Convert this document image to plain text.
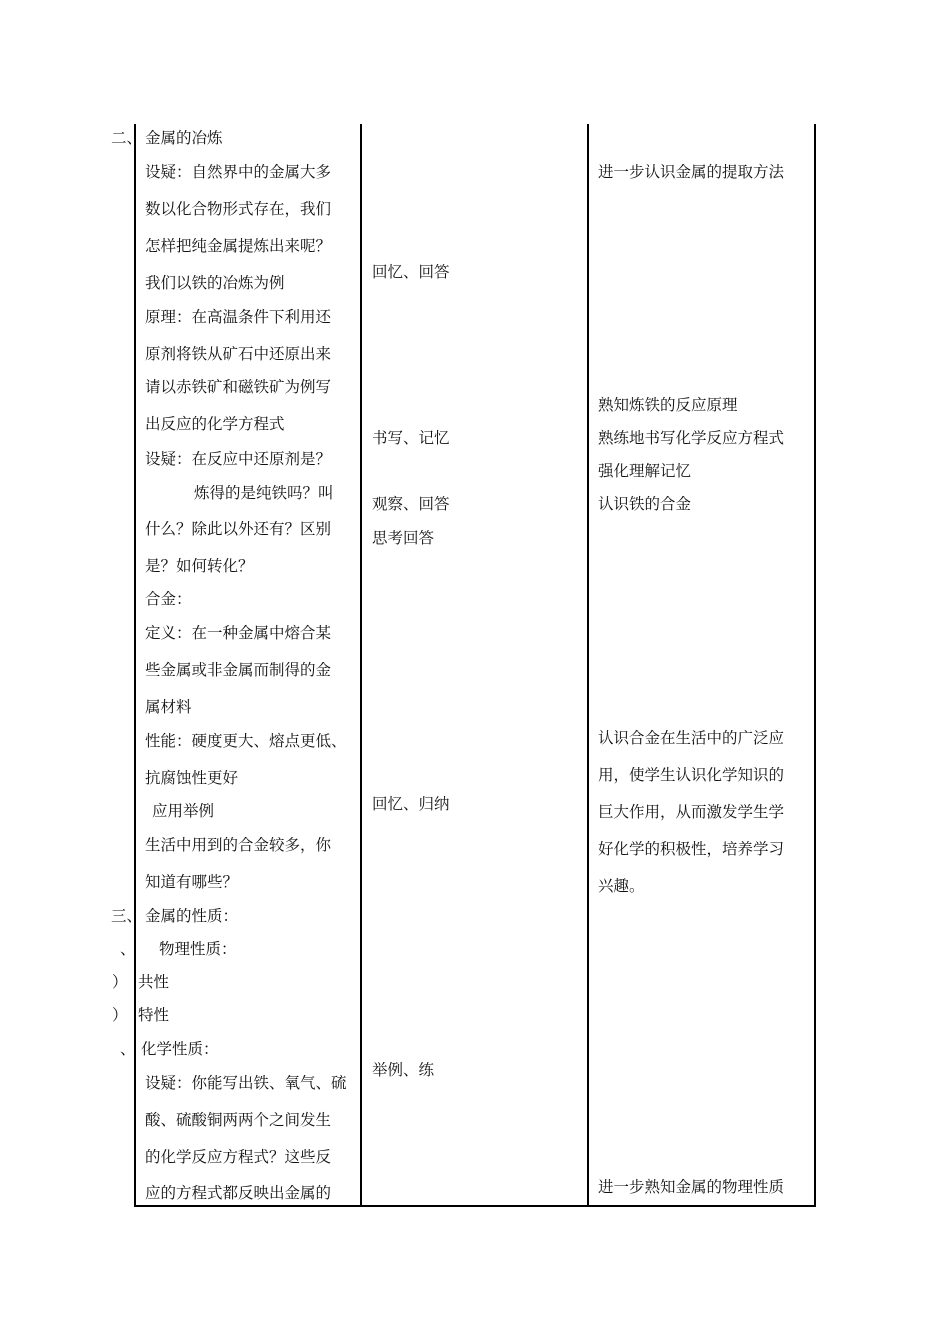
二、 金属的冶炼
设疑：自然界中的金属大多
数以化合物形式存在，我们
怎样把纯金属提炼出来呢？
我们以铁的冶炼为例
原理：在高温条件下利用还
原剂将铁从矿石中还原出来
请以赤铁矿和磁铁矿为例写
出反应的化学方程式
设疑：在反应中还原剂是？
炼得的是纯铁吗？叫
什么？除此以外还有？区别
是？如何转化？
合金：
定义：在一种金属中熔合某
些金属或非金属而制得的金
属材料
性能：硬度更大、熔点更低、
抗腐蚀性更好
应用举例
生活中用到的合金较多，你
知道有哪些？
三、 金属的性质：
、 物理性质：
） 共性
） 特性
、 化学性质：
设疑：你能写出铁、氧气、硫
酸、硫酸铜两两个之间发生
的化学反应方程式？这些反
应的方程式都反映出金属的
回忆、回答
书写、记忆
观察、回答
思考回答
回忆、归纳
举例、练
进一步认识金属的提取方法
熟知炼铁的反应原理
熟练地书写化学反应方程式
强化理解记忆
认识铁的合金
认识合金在生活中的广泛应
用，使学生认识化学知识的
巨大作用，从而激发学生学
好化学的积极性，培养学习
兴趣。
进一步熟知金属的物理性质
